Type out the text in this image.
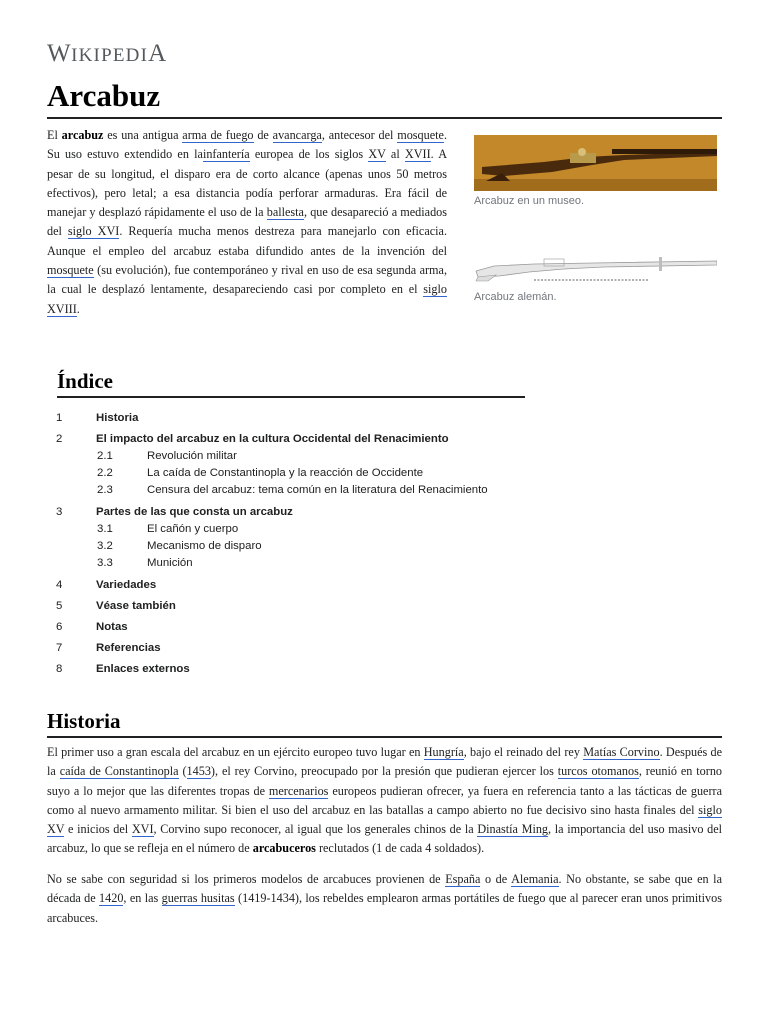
WIKIPEDIA
Arcabuz

El arcabuz es una antigua arma de fuego de avancarga, antecesor del mosquete. Su uso estuvo extendido en lainfantería europea de los siglos XV al XVII. A pesar de su longitud, el disparo era de corto alcance (apenas unos 50 metros efectivos), pero letal; a esa distancia podía perforar armaduras. Era fácil de manejar y desplazó rápidamente el uso de la ballesta, que desapareció a mediados del siglo XVI. Requería mucha menos destreza para manejarlo con eficacia. Aunque el empleo del arcabuz estaba difundido antes de la invención del mosquete (su evolución), fue contemporáneo y rival en uso de esa segunda arma, la cual le desplazó lentamente, desapareciendo casi por completo en el siglo XVIII.

Arcabuz en un museo.
Arcabuz alemán.
Índice
1	Historia
2	El impacto del arcabuz en la cultura Occidental del Renacimiento
2.1	Revolución militar
2.2	La caída de Constantinopla y la reacción de Occidente
2.3	Censura del arcabuz: tema común en la literatura del Renacimiento
3	Partes de las que consta un arcabuz
3.1	El cañón y cuerpo
3.2	Mecanismo de disparo
3.3	Munición
4	Variedades
5	Véase también
6	Notas
7	Referencias
8	Enlaces externos
Historia

El primer uso a gran escala del arcabuz en un ejército europeo tuvo lugar en Hungría, bajo el reinado del rey Matías Corvino. Después de la caída de Constantinopla (1453), el rey Corvino, preocupado por la presión que pudieran ejercer los turcos otomanos, reunió en torno suyo a lo mejor que las diferentes tropas de mercenarios europeos pudieran ofrecer, ya fuera en referencia tanto a las tácticas de guerra como al nuevo armamento militar. Si bien el uso del arcabuz en las batallas a campo abierto no fue decisivo sino hasta finales del siglo XV e inicios del XVI, Corvino supo reconocer, al igual que los generales chinos de la Dinastía Ming, la importancia del uso masivo del arcabuz, lo que se refleja en el número de arcabuceros reclutados (1 de cada 4 soldados).

No se sabe con seguridad si los primeros modelos de arcabuces provienen de España o de Alemania. No obstante, se sabe que en la década de 1420, en las guerras husitas (1419-1434), los rebeldes emplearon armas portátiles de fuego que al parecer eran unos primitivos arcabuces.
